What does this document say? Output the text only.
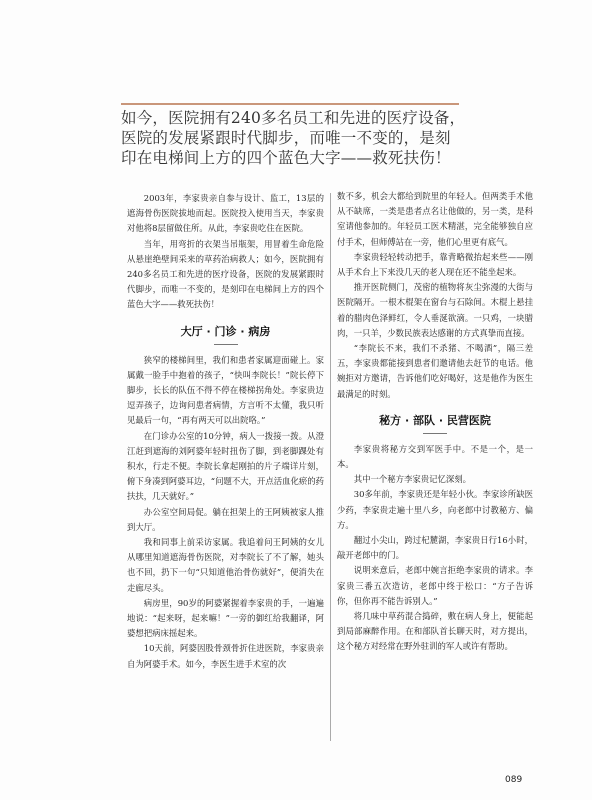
如今，医院拥有240多名员工和先进的医疗设备，医院的发展紧跟时代脚步，而唯一不变的，是刻印在电梯间上方的四个蓝色大字——救死扶伤！

2003年，李家贵亲自参与设计、监工，13层的遮海骨伤医院拔地而起。医院投入使用当天，李家贵对他将8层留做住所。从此，李家贵吃住在医院。

当年，用弯折的衣架当吊瓶架，用冒着生命危险从悬崖绝壁间采来的草药治病救人；如今，医院拥有240多名员工和先进的医疗设备，医院的发展紧跟时代脚步，而唯一不变的，是刻印在电梯间上方的四个蓝色大字——救死扶伤！

大厅 · 门诊 · 病房

狭窄的楼梯间里，我们和患者家属迎面碰上。家属戴一脸手中抱着的孩子，“快叫李院长！”院长停下脚步，长长的队伍不得不停在楼梯拐角处。李家贵边逗弄孩子，边询问患者病情，方言听不太懂，我只听见最后一句，“再有两天可以出院咯。”

在门诊办公室的10分钟，病人一拨接一拨。从澄江赶到遮海的刘阿婆年轻时扭伤了脚，到老脚踝处有积水，行走不便。李院长拿起刚拍的片子端详片刻，俯下身凑到阿婆耳边，“问题不大，开点活血化瘀的药扶扶，几天就好。”

办公室空间局促。躺在担架上的王阿姨被家人推到大厅。

我和同事上前采访家属。我追着问王阿姨的女儿从哪里知道遮海骨伤医院，对李院长了不了解，她头也不回，扔下一句“只知道他治骨伤就好”，便消失在走廊尽头。

病房里，90岁的阿婆紧握着李家贵的手，一遍遍地说：“起来呀，起来嘛！”一旁的御红给我翻译，阿婆想把病床摇起来。

10天前，阿婆因股骨颈骨折住进医院，李家贵亲自为阿婆手术。如今，李医生进手术室的次

数不多，机会大都给到院里的年轻人。但两类手术他从不缺席，一类是患者点名让他做的，另一类，是科室请他参加的。年轻员工医术精湛，完全能够独自应付手术，但师傅站在一旁，他们心里更有底气。

李家贵轻轻转动把手，靠背略微抬起来些——刚从手术台上下来没几天的老人现在还不能坐起来。

推开医院侧门，茂密的植物将灰尘弥漫的大街与医院隔开。一根木棍架在窗台与石除间。木棍上悬挂着的腊肉色泽鲜红，令人垂涎欲滴。一只鸡，一块腊肉，一只羊，少数民族表达感谢的方式真挚而直接。

“李院长不来，我们不杀猪、不喝酒”，隔三差五，李家贵都能接到患者们邀请他去赶节的电话。他婉拒对方邀请，告诉他们吃好喝好，这是他作为医生最满足的时刻。

秘方 · 部队 · 民营医院

李家贵将秘方交到军医手中。不是一个，是一本。

其中一个秘方李家贵记忆深刻。

30多年前，李家贵还是年轻小伙。李家诊所缺医少药，李家贵走遍十里八乡，向老郎中讨教秘方、偏方。

翻过小尖山，跨过杞麓湖，李家贵日行16小时，敲开老郎中的门。

说明来意后，老郎中婉言拒绝李家贵的请求。李家贵三番五次造访，老郎中终于松口：“方子告诉你，但你再不能告诉别人。”

将几味中草药混合捣碎，敷在病人身上，便能起到局部麻醉作用。在和部队首长聊天时，对方提出，这个秘方对经常在野外驻训的军人或许有帮助。

089
